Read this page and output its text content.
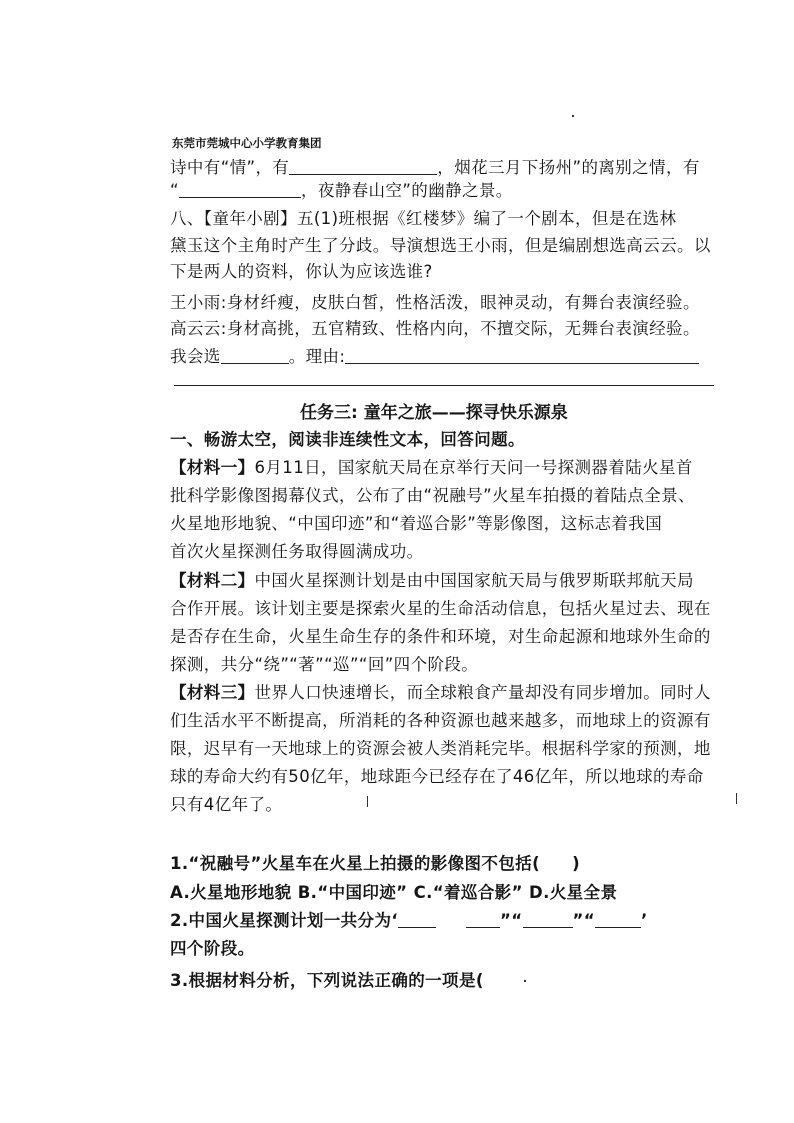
东莞市莞城中心小学教育集团
诗中有“情”，有	，烟花三月下扬州”的离别之情，有
“	，夜静春山空”的幽静之景。
八、【童年小剧】五(1)班根据《红楼梦》编了一个剧本，但是在选林
黛玉这个主角时产生了分歧。导演想选王小雨，但是编剧想选高云云。以
下是两人的资料，你认为应该选谁?
王小雨:身材纤瘦，皮肤白皙，性格活泼，眼神灵动，有舞台表演经验。
高云云:身材高挑，五官精致、性格内向，不擅交际，无舞台表演经验。
我会选	。理由:
任务三: 童年之旅——探寻快乐源泉
一、畅游太空，阅读非连续性文本，回答问题。
【材料一】6月11日，国家航天局在京举行天问一号探测器着陆火星首
批科学影像图揭幕仪式，公布了由“祝融号”火星车拍摄的着陆点全景、
火星地形地貌、“中国印迹”和“着巡合影”等影像图，这标志着我国
首次火星探测任务取得圆满成功。
【材料二】中国火星探测计划是由中国国家航天局与俄罗斯联邦航天局
合作开展。该计划主要是探索火星的生命活动信息，包括火星过去、现在
是否存在生命，火星生命生存的条件和环境，对生命起源和地球外生命的
探测，共分“绕”“著”“巡”“回”四个阶段。
【材料三】世界人口快速增长，而全球粮食产量却没有同步增加。同时人
们生活水平不断提高，所消耗的各种资源也越来越多，而地球上的资源有
限，迟早有一天地球上的资源会被人类消耗完毕。根据科学家的预测，地
球的寿命大约有50亿年，地球距今已经存在了46亿年，所以地球的寿命
只有4亿年了。
1.“祝融号”火星车在火星上拍摄的影像图不包括( )
A.火星地形地貌 B.“中国印迹” C.“着巡合影” D.火星全景
2.中国火星探测计划一共分为‘	”“	”“	’
四个阶段。
3.根据材料分析，下列说法正确的一项是(
